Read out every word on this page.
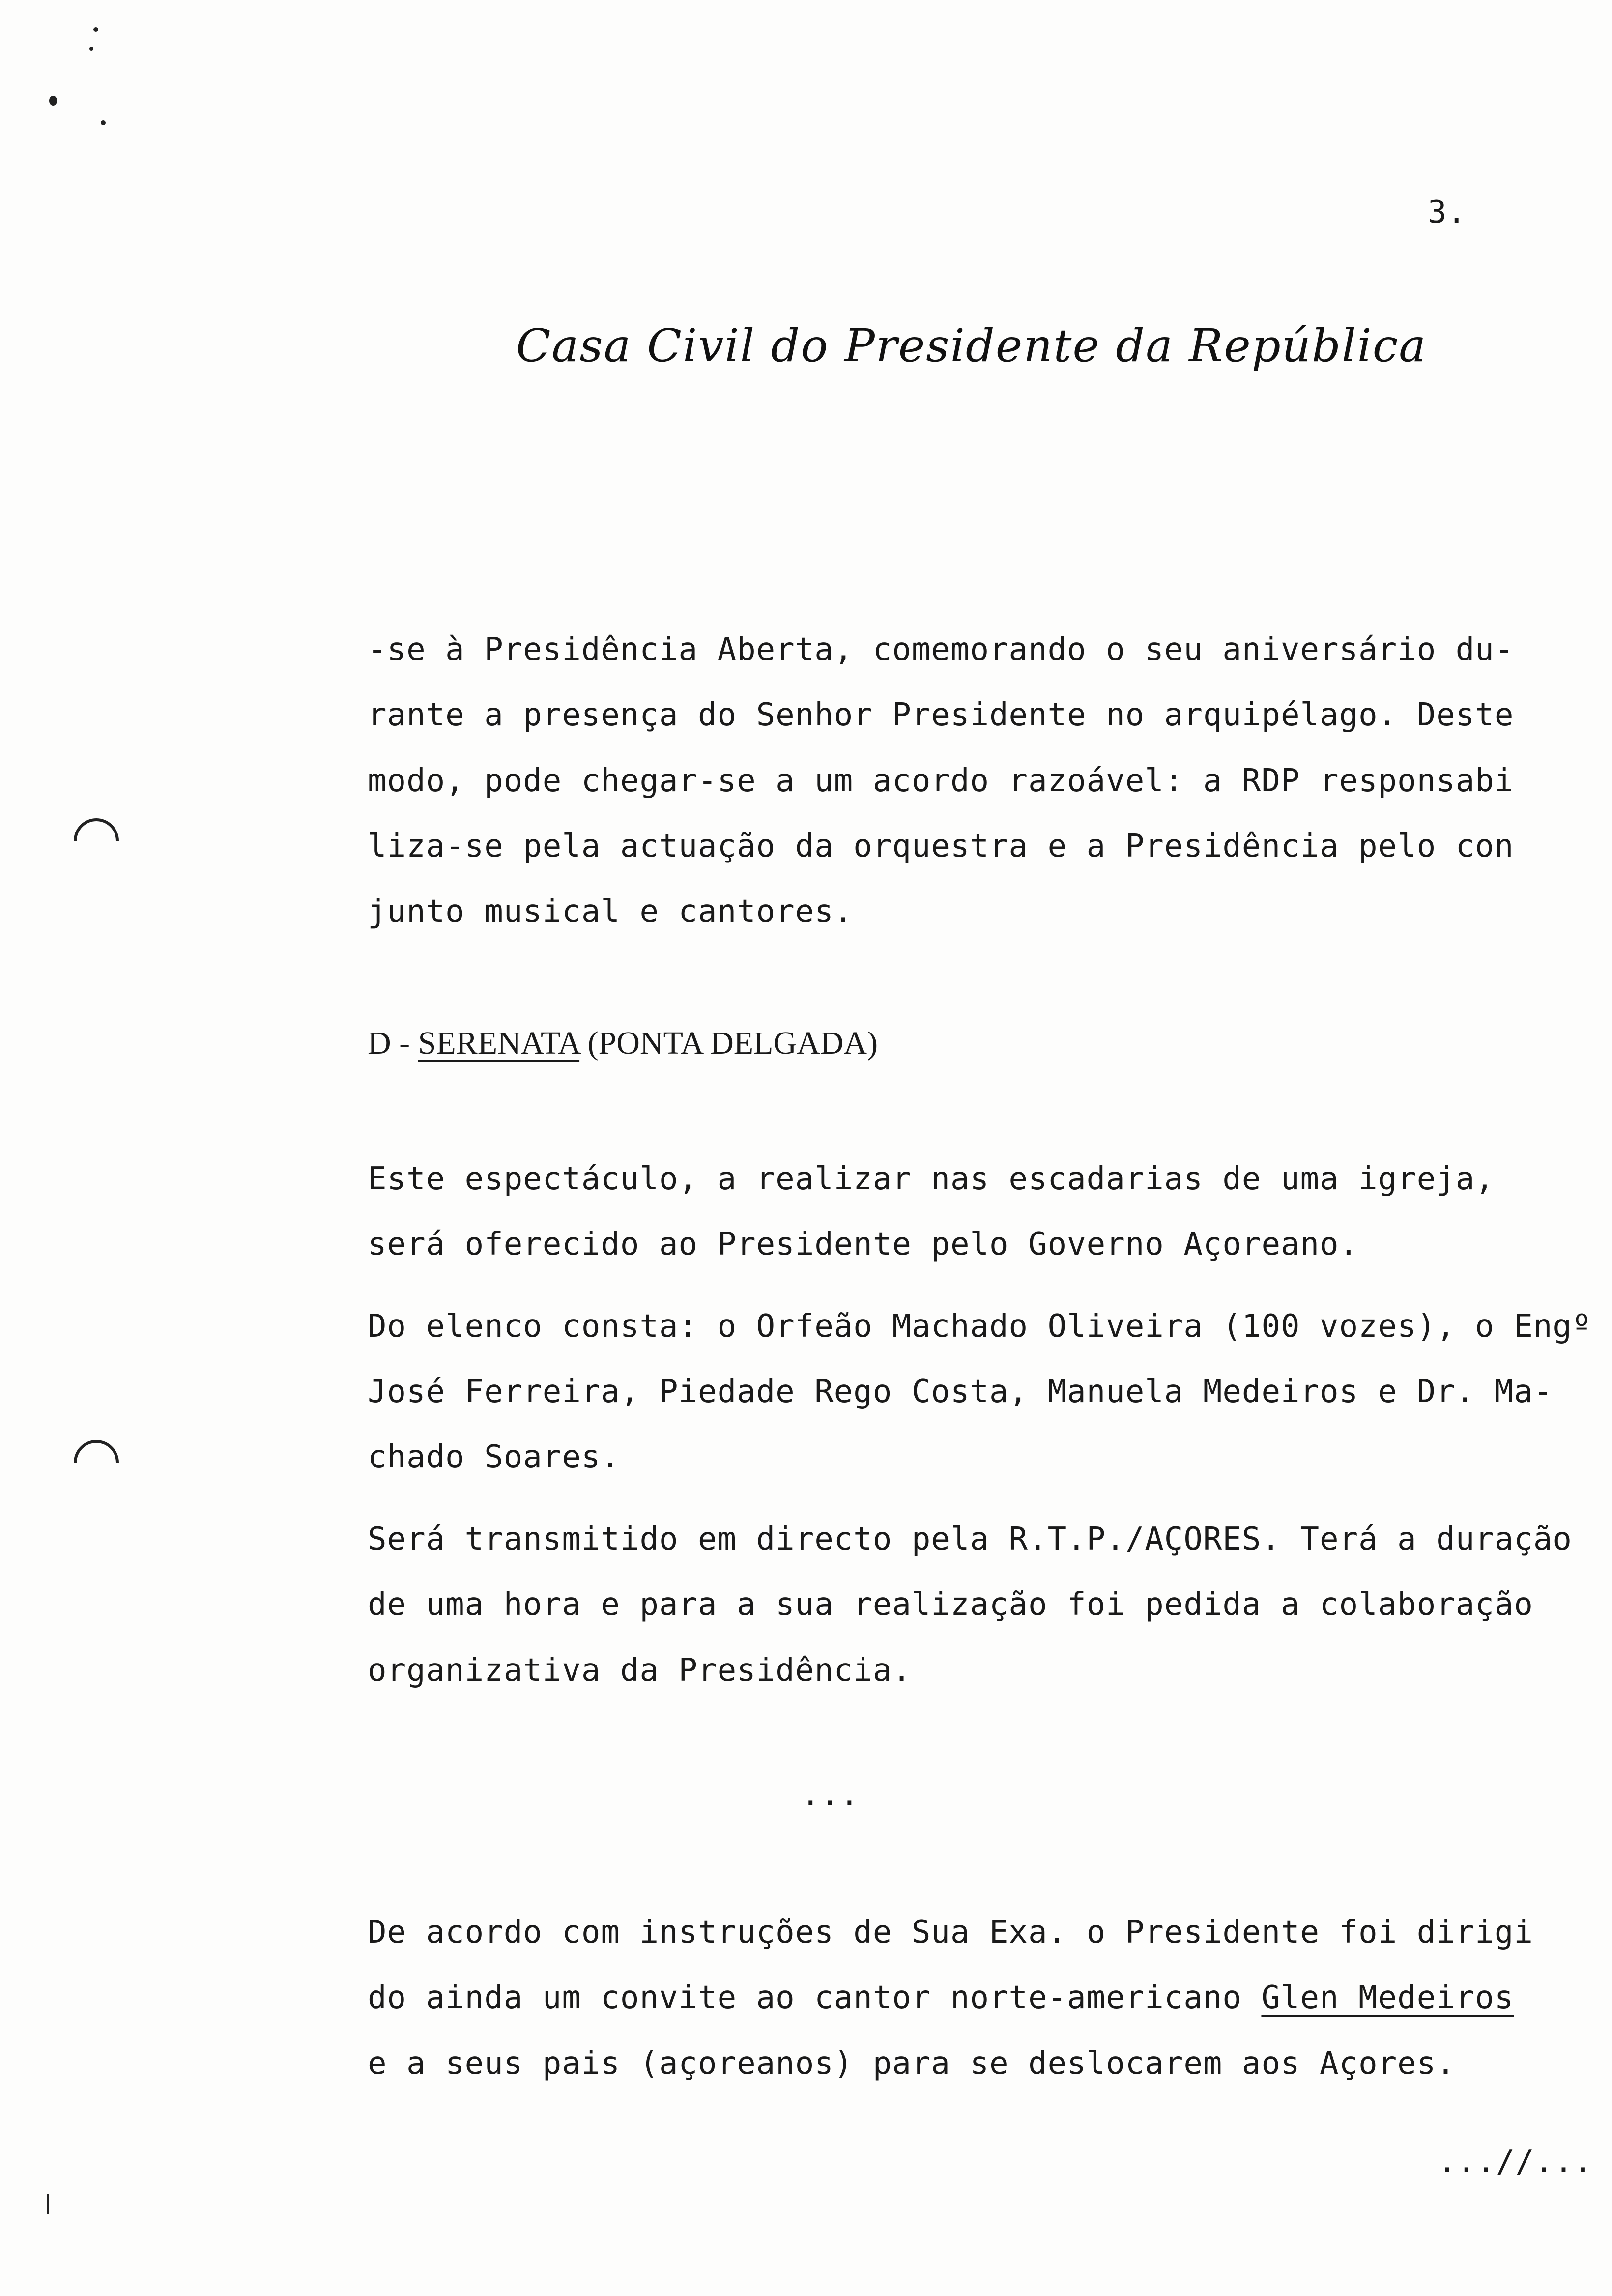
3.
Casa Civil do Presidente da República
-se à Presidência Aberta, comemorando o seu aniversário du-
rante a presença do Senhor Presidente no arquipélago. Deste
modo, pode chegar-se a um acordo razoável: a RDP responsabi
liza-se pela actuação da orquestra e a Presidência pelo con
junto musical e cantores.
D - SERENATA (PONTA DELGADA)
Este espectáculo, a realizar nas escadarias de uma igreja,
será oferecido ao Presidente pelo Governo Açoreano.
Do elenco consta: o Orfeão Machado Oliveira (100 vozes), o Engº
José Ferreira, Piedade Rego Costa, Manuela Medeiros e Dr. Ma-
chado Soares.
Será transmitido em directo pela R.T.P./AÇORES. Terá a duração
de uma hora e para a sua realização foi pedida a colaboração
organizativa da Presidência.
...
De acordo com instruções de Sua Exa. o Presidente foi dirigi
do ainda um convite ao cantor norte-americano Glen Medeiros
e a seus pais (açoreanos) para se deslocarem aos Açores.
...//...
